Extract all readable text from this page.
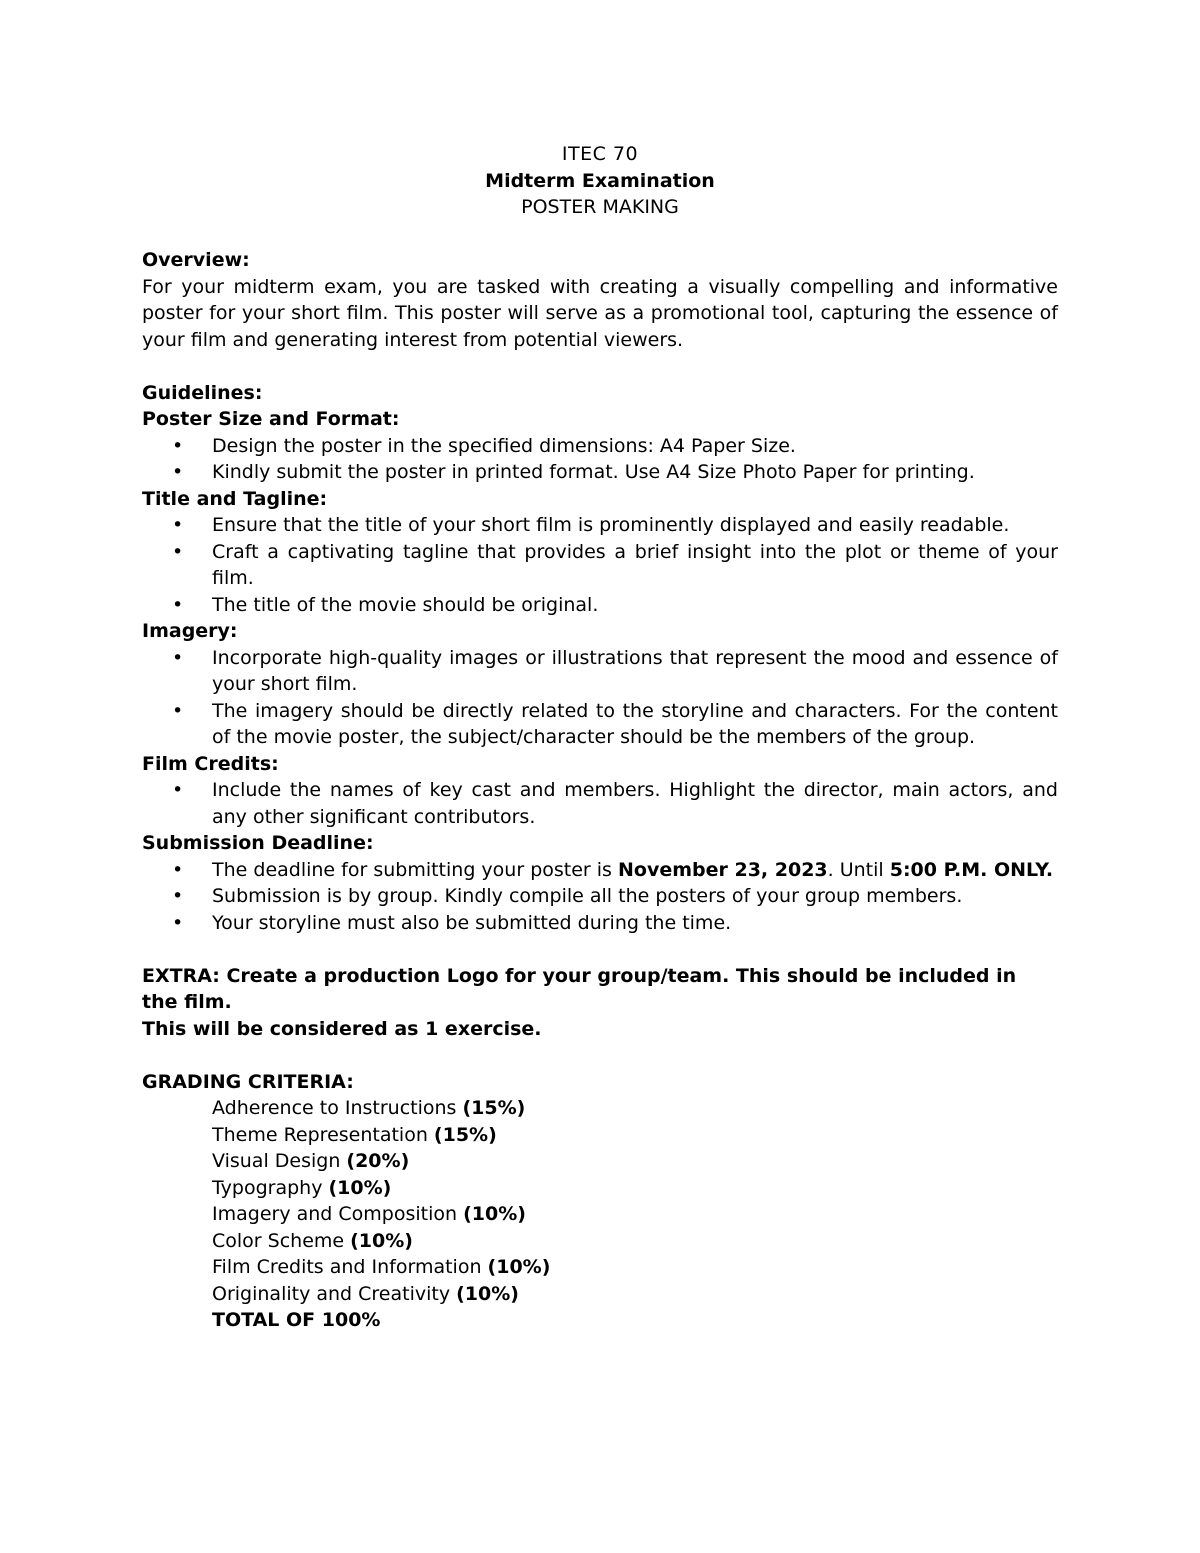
ITEC 70
Midterm Examination
POSTER MAKING

Overview:

For your midterm exam, you are tasked with creating a visually compelling and informative poster for your short film. This poster will serve as a promotional tool, capturing the essence of your film and generating interest from potential viewers.

Guidelines:

Poster Size and Format:

• Design the poster in the specified dimensions: A4 Paper Size.
• Kindly submit the poster in printed format. Use A4 Size Photo Paper for printing.

Title and Tagline:

• Ensure that the title of your short film is prominently displayed and easily readable.
• Craft a captivating tagline that provides a brief insight into the plot or theme of your film.
• The title of the movie should be original.

Imagery:

• Incorporate high-quality images or illustrations that represent the mood and essence of your short film.
• The imagery should be directly related to the storyline and characters. For the content of the movie poster, the subject/character should be the members of the group.

Film Credits:

• Include the names of key cast and members. Highlight the director, main actors, and any other significant contributors.

Submission Deadline:

• The deadline for submitting your poster is November 23, 2023. Until 5:00 P.M. ONLY.
• Submission is by group. Kindly compile all the posters of your group members.
• Your storyline must also be submitted during the time.

EXTRA: Create a production Logo for your group/team. This should be included in the film.

This will be considered as 1 exercise.

GRADING CRITERIA:

Adherence to Instructions (15%)
Theme Representation (15%)
Visual Design (20%)
Typography (10%)
Imagery and Composition (10%)
Color Scheme (10%)
Film Credits and Information (10%)
Originality and Creativity (10%)
TOTAL OF 100%
